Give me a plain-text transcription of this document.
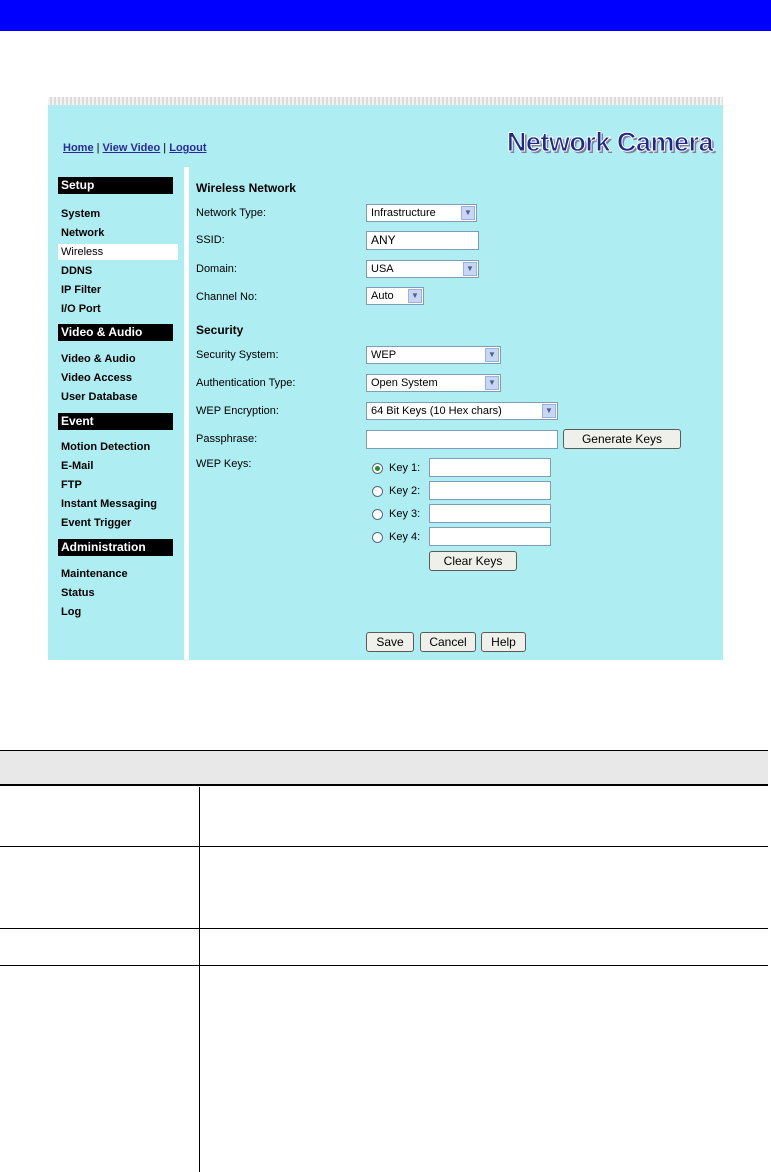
Home | View Video | Logout	Network Camera
Setup
System
Network
Wireless
DDNS
IP Filter
I/O Port
Video & Audio
Video & Audio
Video Access
User Database
Event
Motion Detection
E-Mail
FTP
Instant Messaging
Event Trigger
Administration
Maintenance
Status
Log
Wireless Network
Network Type:	Infrastructure	▼
SSID:	ANY
Domain:	USA	▼
Channel No:	Auto	▼
Security
Security System:	WEP	▼
Authentication Type:	Open System	▼
WEP Encryption:	64 Bit Keys (10 Hex chars)	▼
Passphrase:	Generate Keys
WEP Keys:	Key 1:
Key 2:
Key 3:
Key 4:
Clear Keys
Save	Cancel	Help
